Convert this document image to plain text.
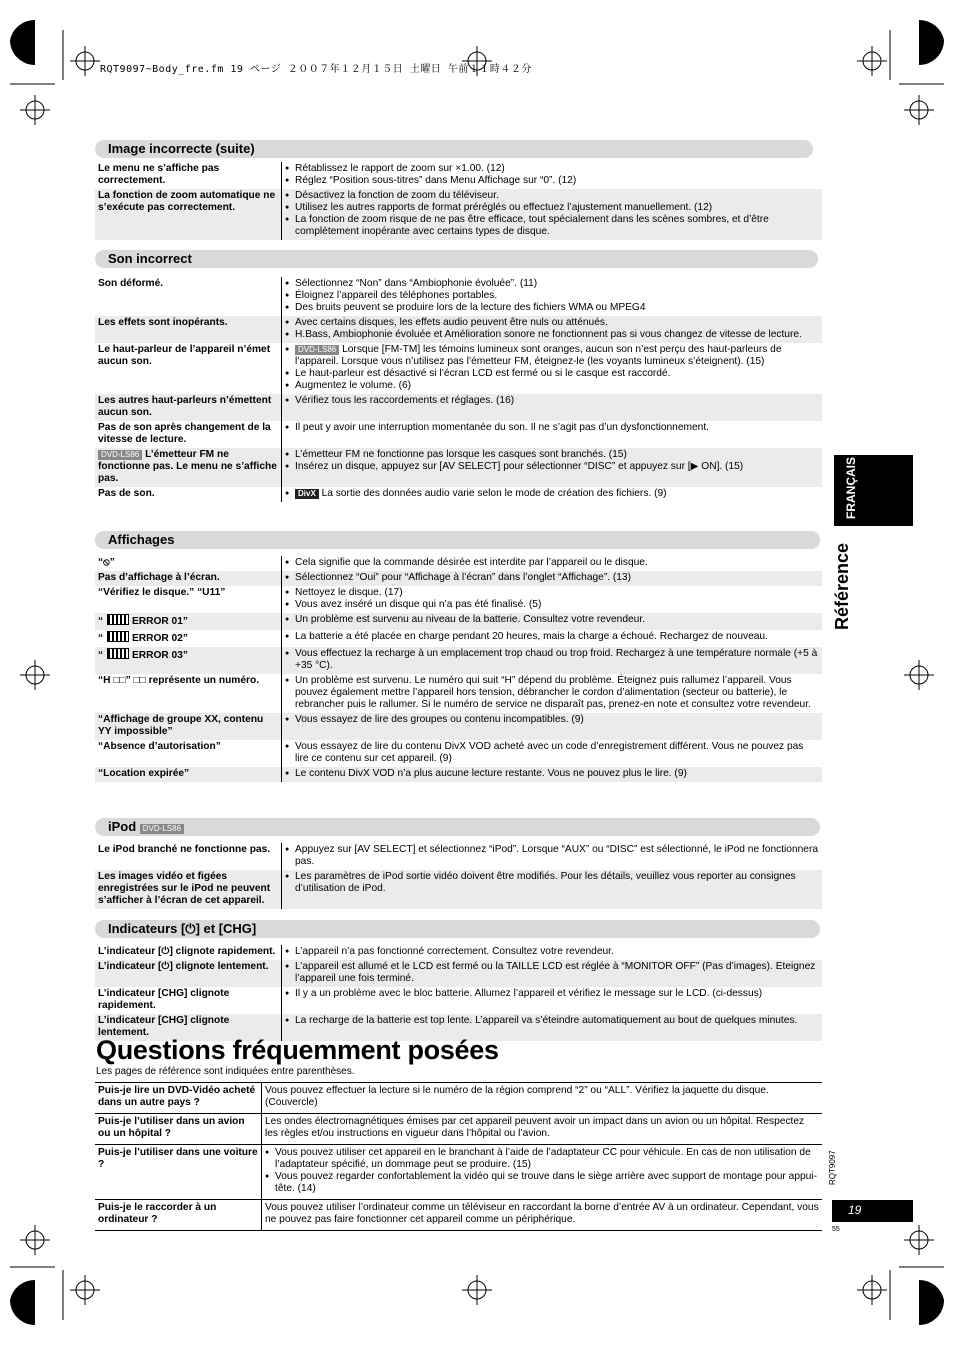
RQT9097~Body_fre.fm 19 ページ ２００７年１２月１５日 土曜日 午前１１時４２分
Image incorrecte (suite)
Le menu ne s’affiche pas correctement.	● Rétablissez le rapport de zoom sur ×1.00. (12)
● Réglez “Position sous-titres” dans Menu Affichage sur “0”. (12)

La fonction de zoom automatique ne s’exécute pas correctement.	● Désactivez la fonction de zoom du téléviseur.
● Utilisez les autres rapports de format préréglés ou effectuez l’ajustement manuellement. (12)
● La fonction de zoom risque de ne pas être efficace, tout spécialement dans les scènes sombres, et d’être complètement inopérante avec certains types de disque.
Son incorrect
Son déformé.	● Sélectionnez “Non” dans “Ambiophonie évoluée”. (11)
● Éloignez l’appareil des téléphones portables.
● Des bruits peuvent se produire lors de la lecture des fichiers WMA ou MPEG4

Les effets sont inopérants.	● Avec certains disques, les effets audio peuvent être nuls ou atténués.
● H.Bass, Ambiophonie évoluée et Amélioration sonore ne fonctionnent pas si vous changez de vitesse de lecture.

Le haut-parleur de l’appareil n’émet aucun son.	● DVD-LS86 Lorsque [FM-TM] les témoins lumineux sont oranges, aucun son n’est perçu des haut-parleurs de l’appareil. Lorsque vous n’utilisez pas l’émetteur FM, éteignez-le (les voyants lumineux s’éteignent). (15)
● Le haut-parleur est désactivé si l’écran LCD est fermé ou si le casque est raccordé.
● Augmentez le volume. (6)

Les autres haut-parleurs n’émettent aucun son.	● Vérifiez tous les raccordements et réglages. (16)

Pas de son après changement de la vitesse de lecture.	● Il peut y avoir une interruption momentanée du son. Il ne s’agit pas d’un dysfonctionnement.

DVD-LS86 L’émetteur FM ne fonctionne pas. Le menu ne s’affiche pas.	● L’émetteur FM ne fonctionne pas lorsque les casques sont branchés. (15)
● Insérez un disque, appuyez sur [AV SELECT] pour sélectionner “DISC” et appuyez sur [▶ ON]. (15)

Pas de son.	● DivX La sortie des données audio varie selon le mode de création des fichiers. (9)
Affichages
“⦸”	● Cela signifie que la commande désirée est interdite par l’appareil ou le disque.

Pas d’affichage à l’écran.	● Sélectionnez “Oui” pour “Affichage à l’écran” dans l’onglet “Affichage”. (13)

“Vérifiez le disque.” “U11”	● Nettoyez le disque. (17)
● Vous avez inséré un disque qui n’a pas été finalisé. (5)

“ ERROR 01”	● Un problème est survenu au niveau de la batterie. Consultez votre revendeur.

“ ERROR 02”	● La batterie a été placée en charge pendant 20 heures, mais la charge a échoué. Rechargez de nouveau.

“ ERROR 03”	● Vous effectuez la recharge à un emplacement trop chaud ou trop froid. Rechargez à une température normale (+5 à +35 °C).

“H □□” □□ représente un numéro.	● Un problème est survenu. Le numéro qui suit “H” dépend du problème. Éteignez puis rallumez l’appareil. Vous pouvez également mettre l’appareil hors tension, débrancher le cordon d’alimentation (secteur ou batterie), le rebrancher puis le rallumer. Si le numéro de service ne disparaît pas, prenez-en note et consultez votre revendeur.

“Affichage de groupe XX, contenu YY impossible”	● Vous essayez de lire des groupes ou contenu incompatibles. (9)

“Absence d’autorisation”	● Vous essayez de lire du contenu DivX VOD acheté avec un code d’enregistrement différent. Vous ne pouvez pas lire ce contenu sur cet appareil. (9)

“Location expirée”	● Le contenu DivX VOD n’a plus aucune lecture restante. Vous ne pouvez plus le lire. (9)
iPod DVD-LS86
Le iPod branché ne fonctionne pas.	● Appuyez sur [AV SELECT] et sélectionnez “iPod”. Lorsque “AUX” ou “DISC” est sélectionné, le iPod ne fonctionnera pas.

Les images vidéo et figées enregistrées sur le iPod ne peuvent s’afficher à l’écran de cet appareil.	● Les paramètres de iPod sortie vidéo doivent être modifiés. Pour les détails, veuillez vous reporter au consignes d’utilisation de iPod.
Indicateurs [⏻] et [CHG]
L’indicateur [⏻] clignote rapidement.	● L’appareil n’a pas fonctionné correctement. Consultez votre revendeur.

L’indicateur [⏻] clignote lentement.	● L’appareil est allumé et le LCD est fermé ou la TAILLE LCD est réglée à “MONITOR OFF” (Pas d’images). Eteignez l’appareil une fois terminé.

L’indicateur [CHG] clignote rapidement.	● Il y a un problème avec le bloc batterie. Allumez l’appareil et vérifiez le message sur le LCD. (ci-dessus)

L’indicateur [CHG] clignote lentement.	● La recharge de la batterie est top lente. L’appareil va s’éteindre automatiquement au bout de quelques minutes.
Questions fréquemment posées
Les pages de référence sont indiquées entre parenthèses.
Puis-je lire un DVD-Vidéo acheté dans un autre pays ?	Vous pouvez effectuer la lecture si le numéro de la région comprend “2” ou “ALL”. Vérifiez la jaquette du disque. (Couvercle)
Puis-je l’utiliser dans un avion ou un hôpital ?	Les ondes électromagnétiques émises par cet appareil peuvent avoir un impact dans un avion ou un hôpital. Respectez les règles et/ou instructions en vigueur dans l’hôpital ou l’avion.
Puis-je l’utiliser dans une voiture ?	● Vous pouvez utiliser cet appareil en le branchant à l’aide de l’adaptateur CC pour véhicule. En cas de non utilisation de l’adaptateur spécifié, un dommage peut se produire. (15)
● Vous pouvez regarder confortablement la vidéo qui se trouve dans le siège arrière avec support de montage pour appui-tête. (14)

Puis-je le raccorder à un ordinateur ?	Vous pouvez utiliser l’ordinateur comme un téléviseur en raccordant la borne d’entrée AV à un ordinateur. Cependant, vous ne pouvez pas faire fonctionner cet appareil comme un périphérique.
FRANÇAIS
Référence
RQT9097
19
55
